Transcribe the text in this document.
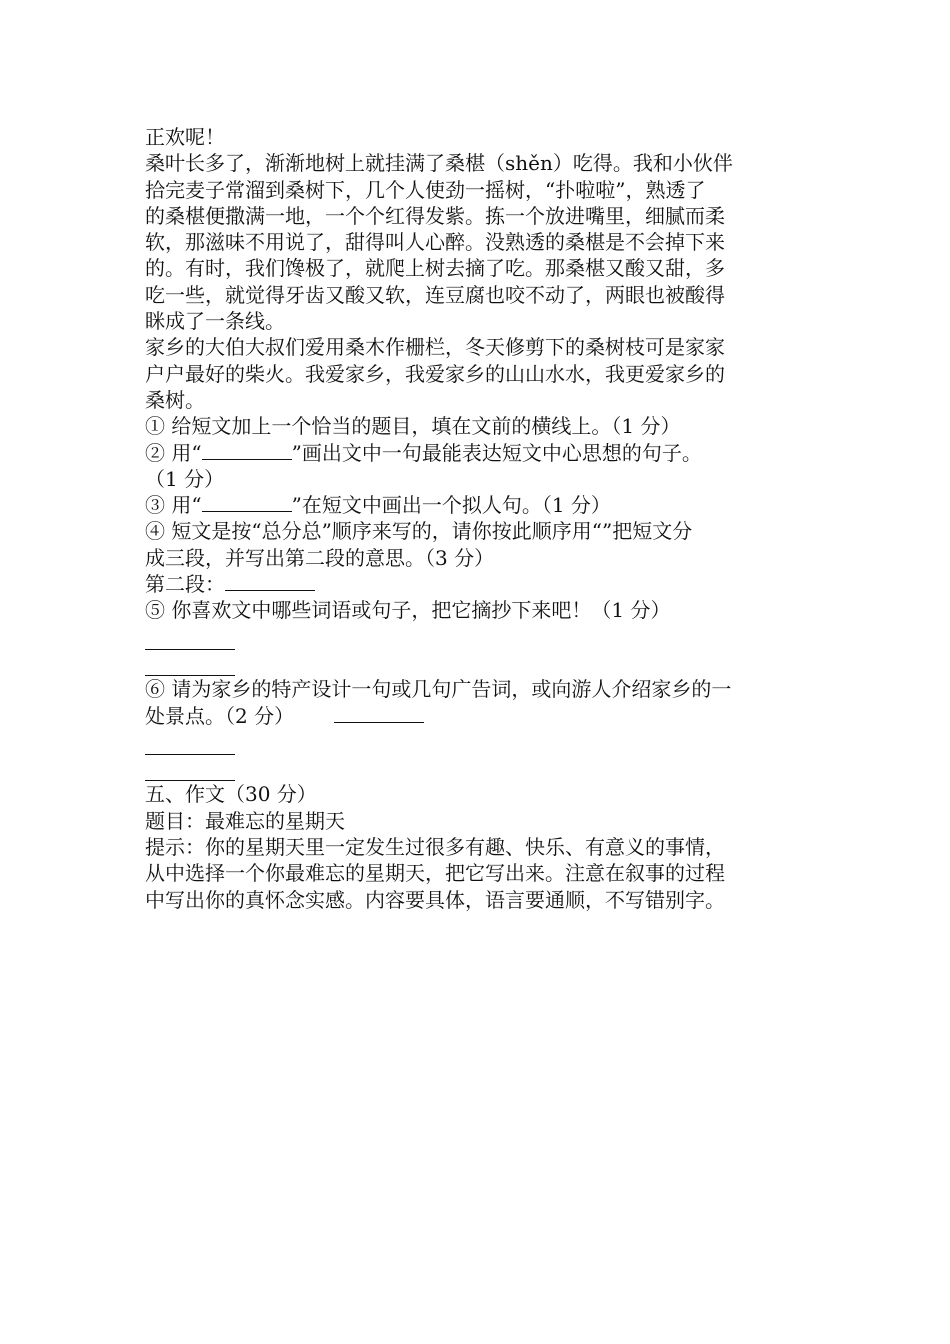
正欢呢！
桑叶长多了，渐渐地树上就挂满了桑椹（shěn）吃得。我和小伙伴
拾完麦子常溜到桑树下，几个人使劲一摇树，“扑啦啦”，熟透了
的桑椹便撒满一地，一个个红得发紫。拣一个放进嘴里，细腻而柔
软，那滋味不用说了，甜得叫人心醉。没熟透的桑椹是不会掉下来
的。有时，我们馋极了，就爬上树去摘了吃。那桑椹又酸又甜，多
吃一些，就觉得牙齿又酸又软，连豆腐也咬不动了，两眼也被酸得
眯成了一条线。
家乡的大伯大叔们爱用桑木作栅栏，冬天修剪下的桑树枝可是家家
户户最好的柴火。我爱家乡，我爱家乡的山山水水，我更爱家乡的
桑树。
① 给短文加上一个恰当的题目，填在文前的横线上。（1 分）
② 用“	”画出文中一句最能表达短文中心思想的句子。
（1 分）
③ 用“	”在短文中画出一个拟人句。（1 分）
④ 短文是按“总分总”顺序来写的，请你按此顺序用“”把短文分
成三段，并写出第二段的意思。（3 分）
第二段：
⑤ 你喜欢文中哪些词语或句子，把它摘抄下来吧！（1 分）
⑥ 请为家乡的特产设计一句或几句广告词，或向游人介绍家乡的一
处景点。（2 分）
五、作文（30 分）
题目：最难忘的星期天
提示：你的星期天里一定发生过很多有趣、快乐、有意义的事情，
从中选择一个你最难忘的星期天，把它写出来。注意在叙事的过程
中写出你的真怀念实感。内容要具体，语言要通顺，不写错别字。
